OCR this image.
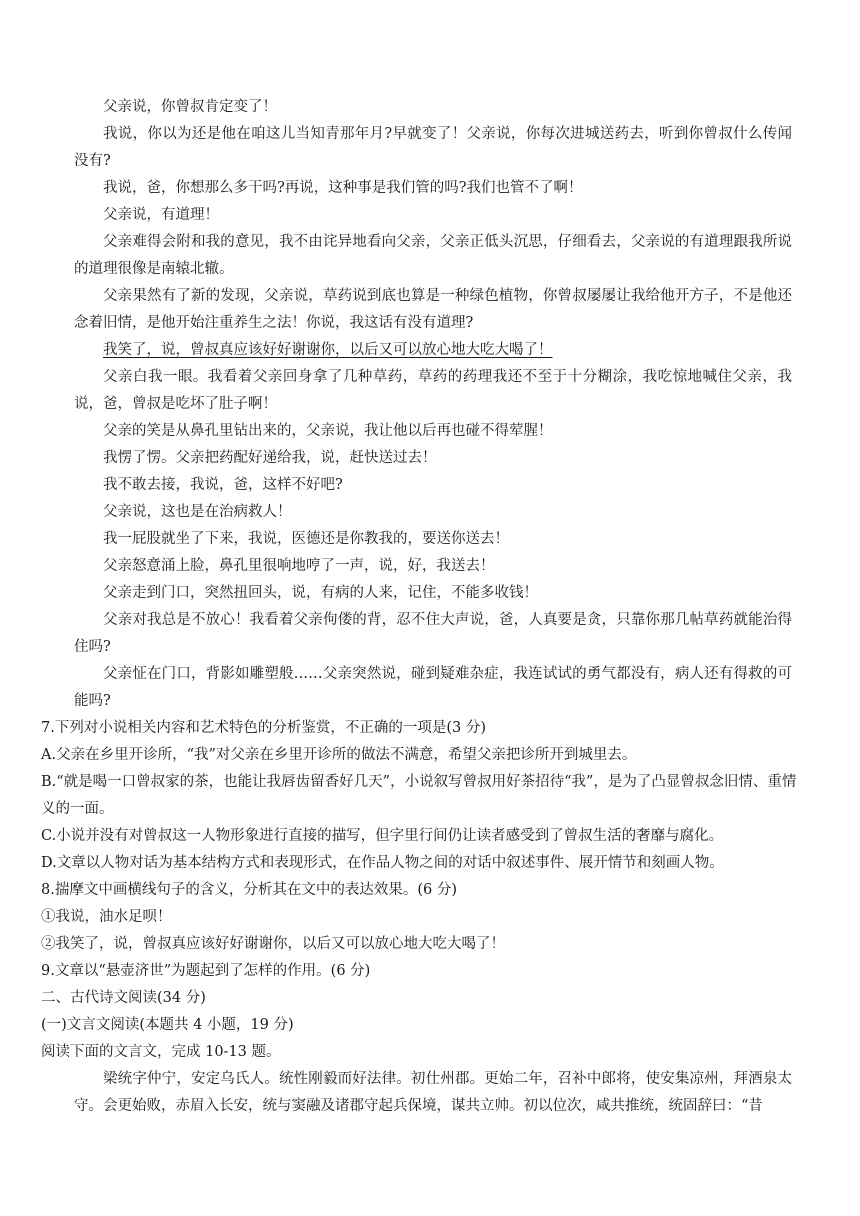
父亲说，你曾叔肯定变了！

我说，你以为还是他在咱这儿当知青那年月?早就变了！父亲说，你每次进城送药去，听到你曾叔什么传闻没有?

我说，爸，你想那么多干吗?再说，这种事是我们管的吗?我们也管不了啊！

父亲说，有道理！

父亲难得会附和我的意见，我不由诧异地看向父亲，父亲正低头沉思，仔细看去，父亲说的有道理跟我所说的道理很像是南辕北辙。

父亲果然有了新的发现，父亲说，草药说到底也算是一种绿色植物，你曾叔屡屡让我给他开方子，不是他还念着旧情，是他开始注重养生之法！你说，我这话有没有道理?

我笑了，说，曾叔真应该好好谢谢你，以后又可以放心地大吃大喝了！

父亲白我一眼。我看着父亲回身拿了几种草药，草药的药理我还不至于十分糊涂，我吃惊地喊住父亲，我说，爸，曾叔是吃坏了肚子啊！

父亲的笑是从鼻孔里钻出来的，父亲说，我让他以后再也碰不得荤腥！

我愣了愣。父亲把药配好递给我，说，赶快送过去！

我不敢去接，我说，爸，这样不好吧?

父亲说，这也是在治病救人！

我一屁股就坐了下来，我说，医德还是你教我的，要送你送去！

父亲怒意涌上脸，鼻孔里很响地哼了一声，说，好，我送去！

父亲走到门口，突然扭回头，说，有病的人来，记住，不能多收钱！

父亲对我总是不放心！我看着父亲佝偻的背，忍不住大声说，爸，人真要是贪，只靠你那几帖草药就能治得住吗?

父亲怔在门口，背影如雕塑般……父亲突然说，碰到疑难杂症，我连试试的勇气都没有，病人还有得救的可能吗?

7.下列对小说相关内容和艺术特色的分析鉴赏，不正确的一项是(3 分)

A.父亲在乡里开诊所，“我”对父亲在乡里开诊所的做法不满意，希望父亲把诊所开到城里去。

B.“就是喝一口曾叔家的茶，也能让我唇齿留香好几天”，小说叙写曾叔用好茶招待“我”，是为了凸显曾叔念旧情、重情义的一面。

C.小说并没有对曾叔这一人物形象进行直接的描写，但字里行间仍让读者感受到了曾叔生活的奢靡与腐化。

D.文章以人物对话为基本结构方式和表现形式，在作品人物之间的对话中叙述事件、展开情节和刻画人物。

8.揣摩文中画横线句子的含义，分析其在文中的表达效果。(6 分)

①我说，油水足呗！

②我笑了，说，曾叔真应该好好谢谢你，以后又可以放心地大吃大喝了！

9.文章以“悬壶济世”为题起到了怎样的作用。(6 分)

二、古代诗文阅读(34 分)

(一)文言文阅读(本题共 4 小题，19 分)

阅读下面的文言文，完成 10-13 题。

梁统字仲宁，安定乌氏人。统性刚毅而好法律。初仕州郡。更始二年，召补中郎将，使安集凉州，拜酒泉太守。会更始败，赤眉入长安，统与窦融及诸郡守起兵保境，谋共立帅。初以位次，咸共推统，统固辞曰：“昔
